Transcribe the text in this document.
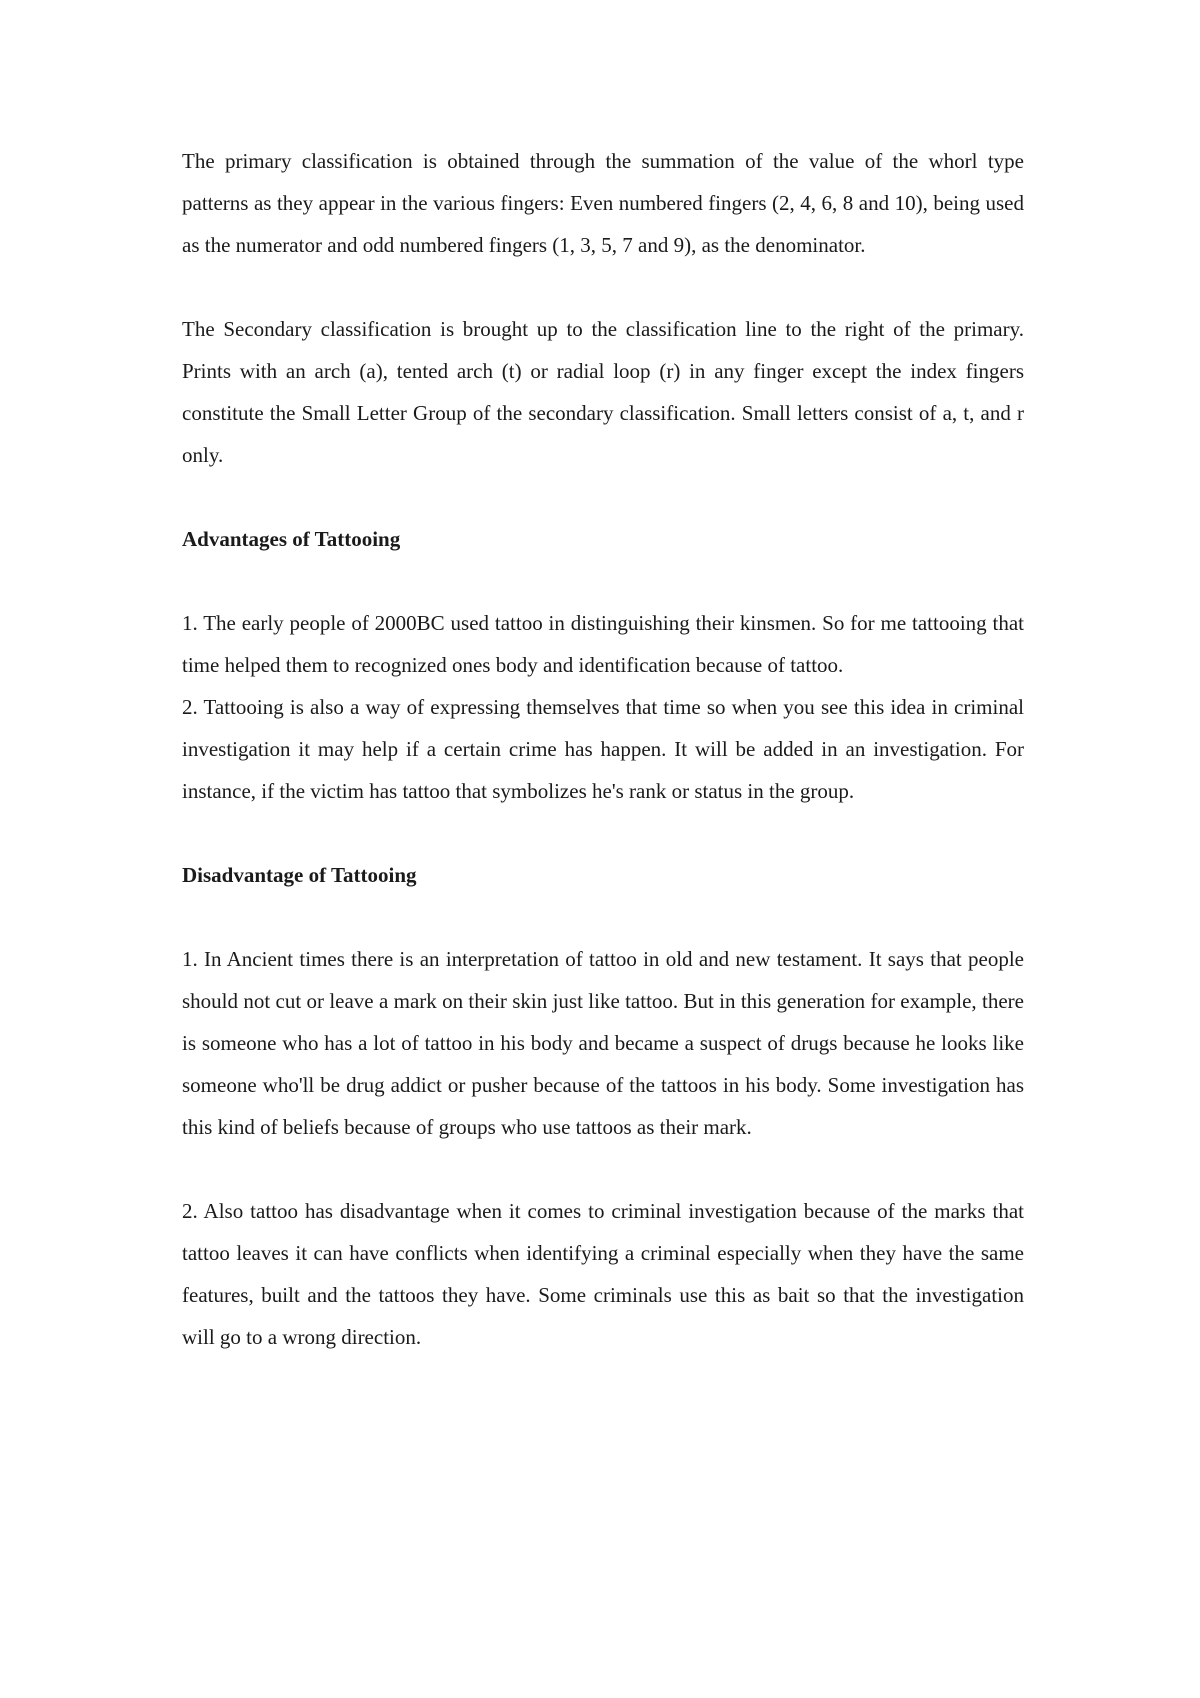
The primary classification is obtained through the summation of the value of the whorl type patterns as they appear in the various fingers: Even numbered fingers (2, 4, 6, 8 and 10), being used as the numerator and odd numbered fingers (1, 3, 5, 7 and 9), as the denominator.

The Secondary classification is brought up to the classification line to the right of the primary. Prints with an arch (a), tented arch (t) or radial loop (r) in any finger except the index fingers constitute the Small Letter Group of the secondary classification. Small letters consist of a, t, and r only.

Advantages of Tattooing

1. The early people of 2000BC used tattoo in distinguishing their kinsmen. So for me tattooing that time helped them to recognized ones body and identification because of tattoo.

2. Tattooing is also a way of expressing themselves that time so when you see this idea in criminal investigation it may help if a certain crime has happen. It will be added in an investigation. For instance, if the victim has tattoo that symbolizes he's rank or status in the group.

Disadvantage of Tattooing

1. In Ancient times there is an interpretation of tattoo in old and new testament. It says that people should not cut or leave a mark on their skin just like tattoo. But in this generation for example, there is someone who has a lot of tattoo in his body and became a suspect of drugs because he looks like someone who'll be drug addict or pusher because of the tattoos in his body. Some investigation has this kind of beliefs because of groups who use tattoos as their mark.

2. Also tattoo has disadvantage when it comes to criminal investigation because of the marks that tattoo leaves it can have conflicts when identifying a criminal especially when they have the same features, built and the tattoos they have. Some criminals use this as bait so that the investigation will go to a wrong direction.
